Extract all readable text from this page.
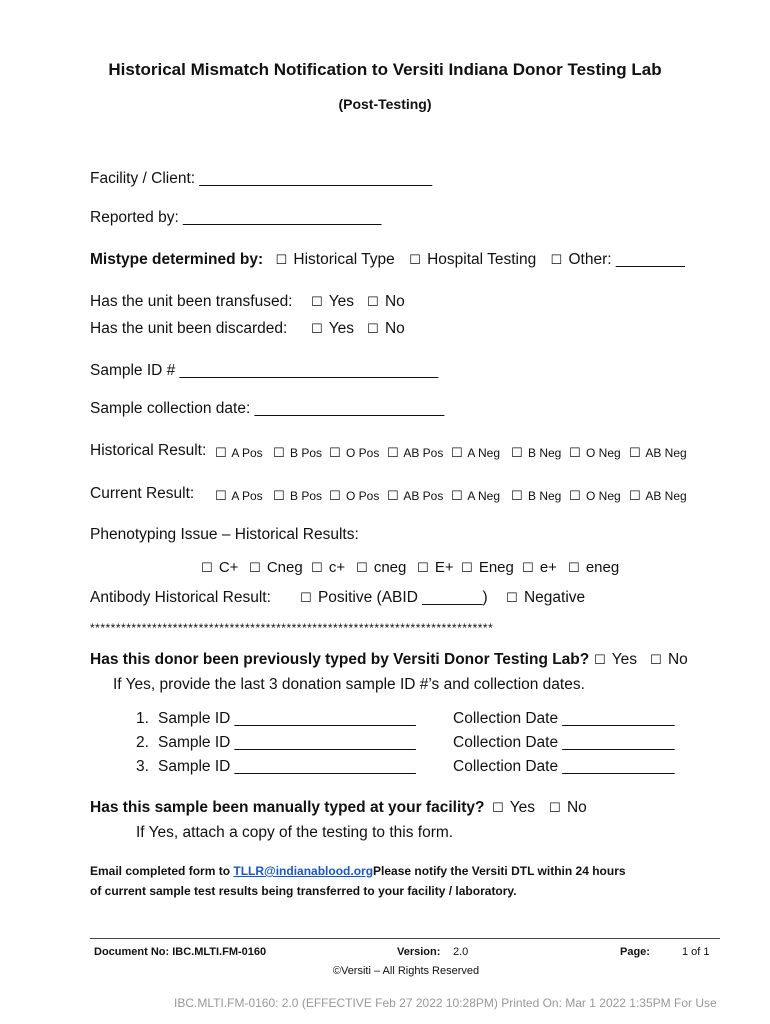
Historical Mismatch Notification to Versiti Indiana Donor Testing Lab
(Post-Testing)
Facility / Client: ___________________________
Reported by: _______________________
Mistype determined by: ☐ Historical Type ☐ Hospital Testing ☐ Other: ________
Has the unit been transfused: ☐ Yes ☐ No
Has the unit been discarded: ☐ Yes ☐ No
Sample ID # ______________________________
Sample collection date: ______________________
Historical Result: ☐ A Pos ☐ B Pos ☐ O Pos ☐ AB Pos ☐ A Neg ☐ B Neg ☐ O Neg ☐ AB Neg
Current Result: ☐ A Pos ☐ B Pos ☐ O Pos ☐ AB Pos ☐ A Neg ☐ B Neg ☐ O Neg ☐ AB Neg
Phenotyping Issue – Historical Results:
☐ C+ ☐ Cneg ☐ c+ ☐ cneg ☐ E+ ☐ Eneg ☐ e+ ☐ eneg
Antibody Historical Result: ☐ Positive (ABID _______) ☐ Negative
******************************************************************************
Has this donor been previously typed by Versiti Donor Testing Lab? ☐ Yes ☐ No
If Yes, provide the last 3 donation sample ID #’s and collection dates.
1. Sample ID _____________________ Collection Date _____________
2. Sample ID _____________________ Collection Date _____________
3. Sample ID _____________________ Collection Date _____________
Has this sample been manually typed at your facility? ☐ Yes ☐ No
If Yes, attach a copy of the testing to this form.
Email completed form to TLLR@indianablood.orgPlease notify the Versiti DTL within 24 hours
of current sample test results being transferred to your facility / laboratory.
Document No: IBC.MLTI.FM-0160	Version: 2.0	Page:	1 of 1
©Versiti – All Rights Reserved
IBC.MLTI.FM-0160: 2.0 (EFFECTIVE Feb 27 2022 10:28PM) Printed On: Mar 1 2022 1:35PM For Use
